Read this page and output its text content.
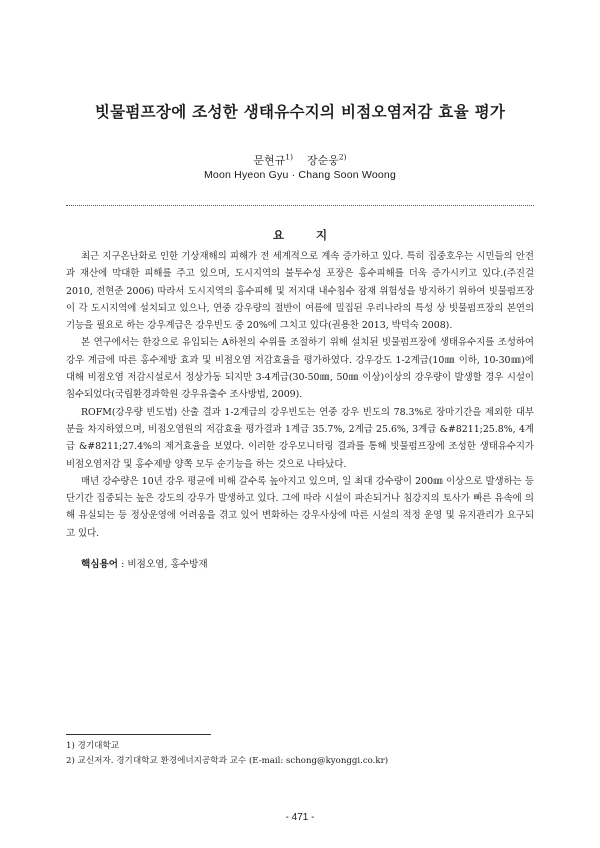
빗물펌프장에 조성한 생태유수지의 비점오염저감 효율 평가
문현규$^{1)}$ 장순웅$^{2)}$
Moon Hyeon Gyu · Chang Soon Woong
요 지

최근 지구온난화로 인한 기상재해의 피해가 전 세계적으로 계속 증가하고 있다. 특히 집중호우는 시민들의 안전과 재산에 막대한 피해를 주고 있으며, 도시지역의 불투수성 포장은 홍수피해를 더욱 증가시키고 있다.(주진걸 2010, 전현준 2006) 따라서 도시지역의 홍수피해 및 저지대 내수침수 잠재 위험성을 방지하기 위하여 빗물펌프장이 각 도시지역에 설치되고 있으나, 연중 강우량의 절반이 여름에 밀집된 우리나라의 특성 상 빗물펌프장의 본연의 기능을 필요로 하는 강우계급은 강우빈도 중 20%에 그치고 있다(권용찬 2013, 박덕숙 2008).

본 연구에서는 한강으로 유입되는 A하천의 수위를 조절하기 위해 설치된 빗물펌프장에 생태유수지를 조성하여 강우 계급에 따른 홍수제방 효과 및 비점오염 저감효율을 평가하였다. 강우강도 1-2계급(10㎜ 이하, 10-30㎜)에 대해 비점오염 저감시설로서 정상가동 되지만 3-4계급(30-50㎜, 50㎜ 이상)이상의 강우량이 발생할 경우 시설이 침수되었다(국립환경과학원 강우유출수 조사방법, 2009).

ROFM(강우량 빈도법) 산출 결과 1-2계급의 강우빈도는 연중 강우 빈도의 78.3%로 장마기간을 제외한 대부분을 차지하였으며, 비점오염원의 저감효율 평가결과 1계급 35.7%, 2계급 25.6%, 3계급 &#8211;25.8%, 4계급 &#8211;27.4%의 제거효율을 보였다. 이러한 강우모니터링 결과를 통해 빗물펌프장에 조성한 생태유수지가 비점오염저감 및 홍수제방 양쪽 모두 순기능을 하는 것으로 나타났다.

매년 강수량은 10년 강우 평균에 비해 갈수록 높아지고 있으며, 일 최대 강수량이 200㎜ 이상으로 발생하는 등 단기간 집중되는 높은 강도의 강우가 발생하고 있다. 그에 따라 시설이 파손되거나 침강지의 토사가 빠른 유속에 의해 유실되는 등 정상운영에 어려움을 겪고 있어 변화하는 강우사상에 따른 시설의 적정 운영 및 유지관리가 요구되고 있다.

핵심용어 : 비점오염, 홍수방재
1) 경기대학교
2) 교신저자. 경기대학교 환경에너지공학과 교수 (E-mail: schong@kyonggi.co.kr)
- 471 -
